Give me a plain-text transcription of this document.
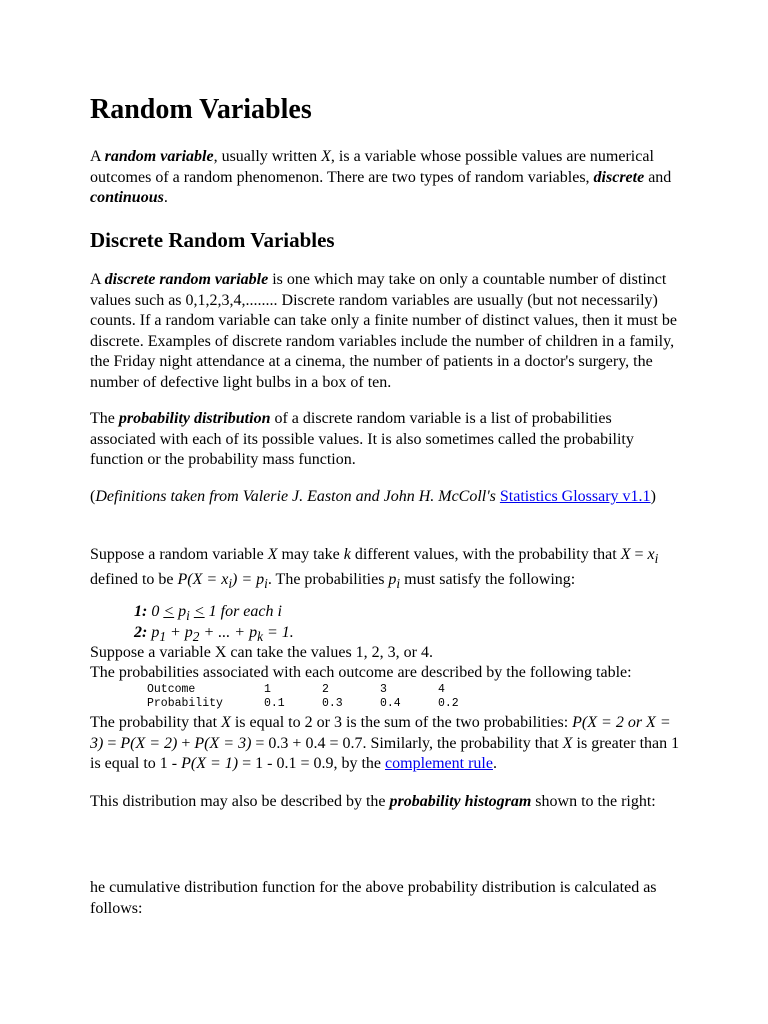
Random Variables

A random variable, usually written X, is a variable whose possible values are numerical outcomes of a random phenomenon. There are two types of random variables, discrete and continuous.

Discrete Random Variables

A discrete random variable is one which may take on only a countable number of distinct values such as 0,1,2,3,4,........ Discrete random variables are usually (but not necessarily) counts. If a random variable can take only a finite number of distinct values, then it must be discrete. Examples of discrete random variables include the number of children in a family, the Friday night attendance at a cinema, the number of patients in a doctor's surgery, the number of defective light bulbs in a box of ten.

The probability distribution of a discrete random variable is a list of probabilities associated with each of its possible values. It is also sometimes called the probability function or the probability mass function.

(Definitions taken from Valerie J. Easton and John H. McColl's Statistics Glossary v1.1)

Suppose a random variable X may take k different values, with the probability that $X = x_i$ defined to be $P(X = x_i) = p_i$. The probabilities $p_i$ must satisfy the following:

1: $0 < p_i < 1$ for each i
2: $p_1 + p_2$ + ... + $p_k = 1$.

Suppose a variable X can take the values 1, 2, 3, or 4.

The probabilities associated with each outcome are described by the following table:

Outcome	1	2	3	4
Probability	0.1	0.3	0.4	0.2

The probability that X is equal to 2 or 3 is the sum of the two probabilities: P(X = 2 or X = 3) = P(X = 2) + P(X = 3) = 0.3 + 0.4 = 0.7. Similarly, the probability that X is greater than 1 is equal to 1 - P(X = 1) = 1 - 0.1 = 0.9, by the complement rule.

This distribution may also be described by the probability histogram shown to the right:

he cumulative distribution function for the above probability distribution is calculated as follows:
